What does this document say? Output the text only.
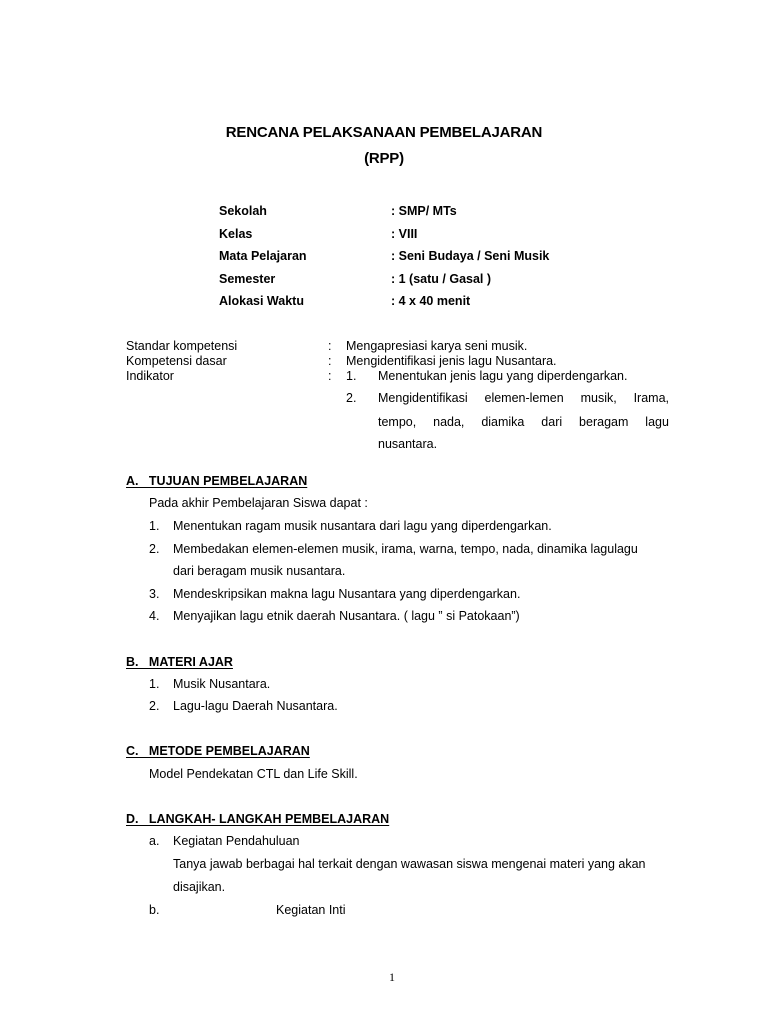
RENCANA PELAKSANAAN PEMBELAJARAN
(RPP)
Sekolah	: SMP/ MTs
Kelas	: VIII
Mata Pelajaran	: Seni Budaya / Seni Musik
Semester	: 1 (satu / Gasal )
Alokasi Waktu	: 4 x 40 menit
Standar kompetensi	: Mengapresiasi karya seni musik.
Kompetensi dasar	: Mengidentifikasi jenis lagu Nusantara.
Indikator	: 1. Menentukan jenis lagu yang diperdengarkan.
2. Mengidentifikasi elemen-lemen musik, Irama,
tempo, nada, diamika dari beragam lagu
nusantara.
A.   TUJUAN PEMBELAJARAN
Pada akhir Pembelajaran Siswa dapat :
1. Menentukan ragam musik nusantara dari lagu yang diperdengarkan.
2. Membedakan elemen-elemen musik, irama, warna, tempo, nada, dinamika lagulagu
dari beragam musik nusantara.
3. Mendeskripsikan makna lagu Nusantara yang diperdengarkan.
4. Menyajikan lagu etnik daerah Nusantara. ( lagu ” si Patokaan”)
B.   MATERI AJAR
1. Musik Nusantara.
2. Lagu-lagu Daerah Nusantara.
C.   METODE PEMBELAJARAN
Model Pendekatan CTL dan Life Skill.
D.   LANGKAH- LANGKAH PEMBELAJARAN
a. Kegiatan Pendahuluan
Tanya jawab berbagai hal terkait dengan wawasan siswa mengenai materi yang akan
disajikan.
b.	Kegiatan Inti
1
